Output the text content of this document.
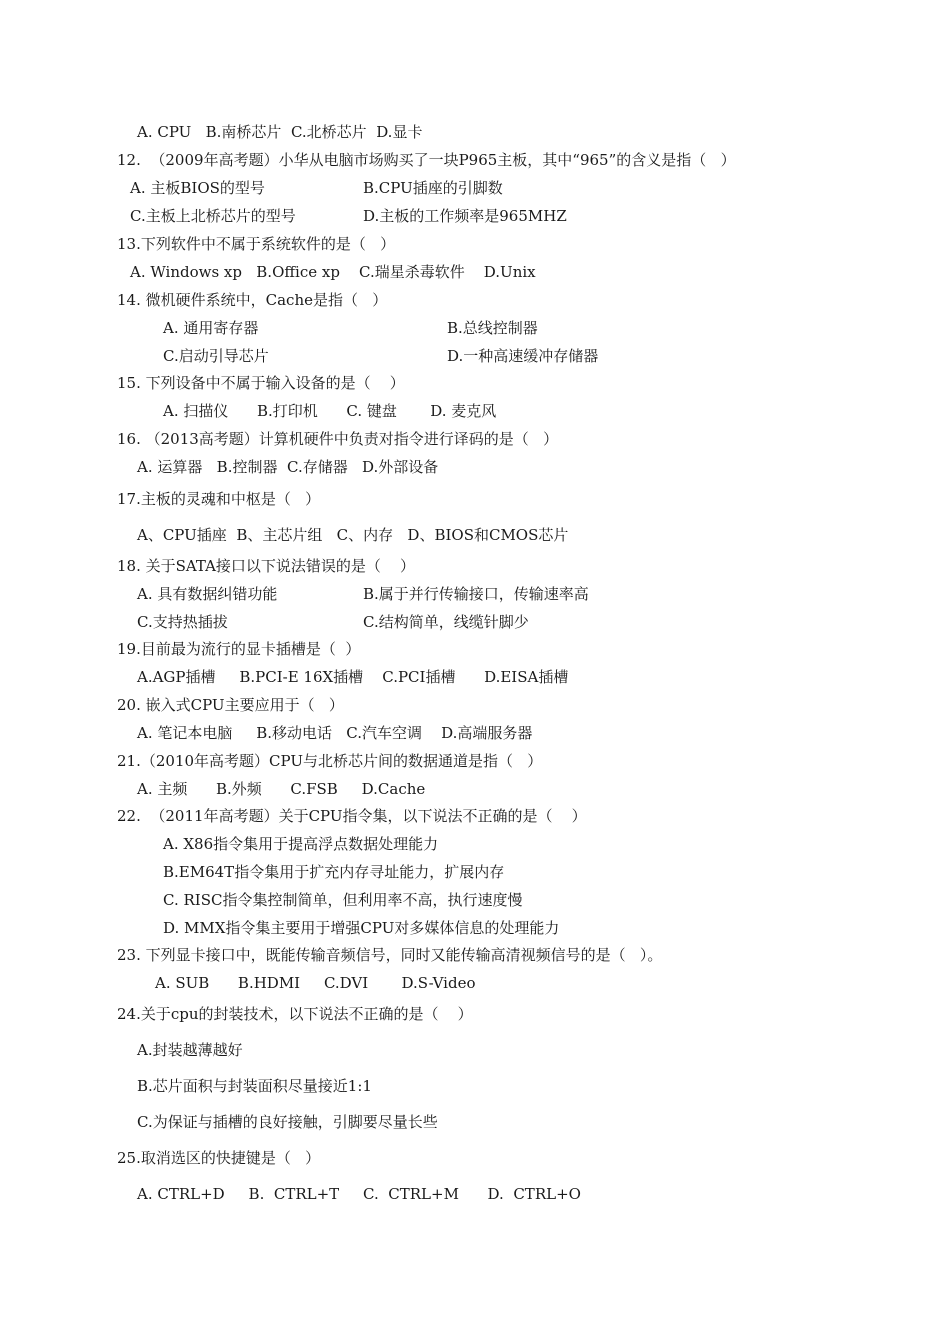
A. CPU   B.南桥芯片  C.北桥芯片  D.显卡
12.  （2009年高考题）小华从电脑市场购买了一块P965主板，其中“965”的含义是指（   ）
A. 主板BIOS的型号	B.CPU插座的引脚数
C.主板上北桥芯片的型号	D.主板的工作频率是965MHZ
13.下列软件中不属于系统软件的是（   ）
A. Windows xp   B.Office xp    C.瑞星杀毒软件    D.Unix
14. 微机硬件系统中，Cache是指（   ）
A. 通用寄存器	B.总线控制器
C.启动引导芯片	D.一种高速缓冲存储器
15. 下列设备中不属于输入设备的是（    ）
A. 扫描仪      B.打印机      C. 键盘       D. 麦克风
16. （2013高考题）计算机硬件中负责对指令进行译码的是（   ）
A. 运算器   B.控制器  C.存储器   D.外部设备
17.主板的灵魂和中枢是（   ）
A、CPU插座  B、主芯片组   C、内存   D、BIOS和CMOS芯片
18. 关于SATA接口以下说法错误的是（    ）
A. 具有数据纠错功能	B.属于并行传输接口，传输速率高
C.支持热插拔	C.结构简单，线缆针脚少
19.目前最为流行的显卡插槽是（  ）
A.AGP插槽     B.PCI-E 16X插槽    C.PCI插槽      D.EISA插槽
20. 嵌入式CPU主要应用于（   ）
A. 笔记本电脑     B.移动电话   C.汽车空调    D.高端服务器
21.（2010年高考题）CPU与北桥芯片间的数据通道是指（   ）
A. 主频      B.外频      C.FSB     D.Cache
22.  （2011年高考题）关于CPU指令集，以下说法不正确的是（    ）
A. X86指令集用于提高浮点数据处理能力
B.EM64T指令集用于扩充内存寻址能力，扩展内存
C. RISC指令集控制简单，但利用率不高，执行速度慢
D. MMX指令集主要用于增强CPU对多媒体信息的处理能力
23. 下列显卡接口中，既能传输音频信号，同时又能传输高清视频信号的是（   ）。
A. SUB      B.HDMI     C.DVI       D.S-Video
24.关于cpu的封装技术，以下说法不正确的是（    ）
A.封装越薄越好
B.芯片面积与封装面积尽量接近1:1
C.为保证与插槽的良好接触，引脚要尽量长些
25.取消选区的快捷键是（   ）
A. CTRL+D     B.  CTRL+T     C.  CTRL+M      D.  CTRL+O
